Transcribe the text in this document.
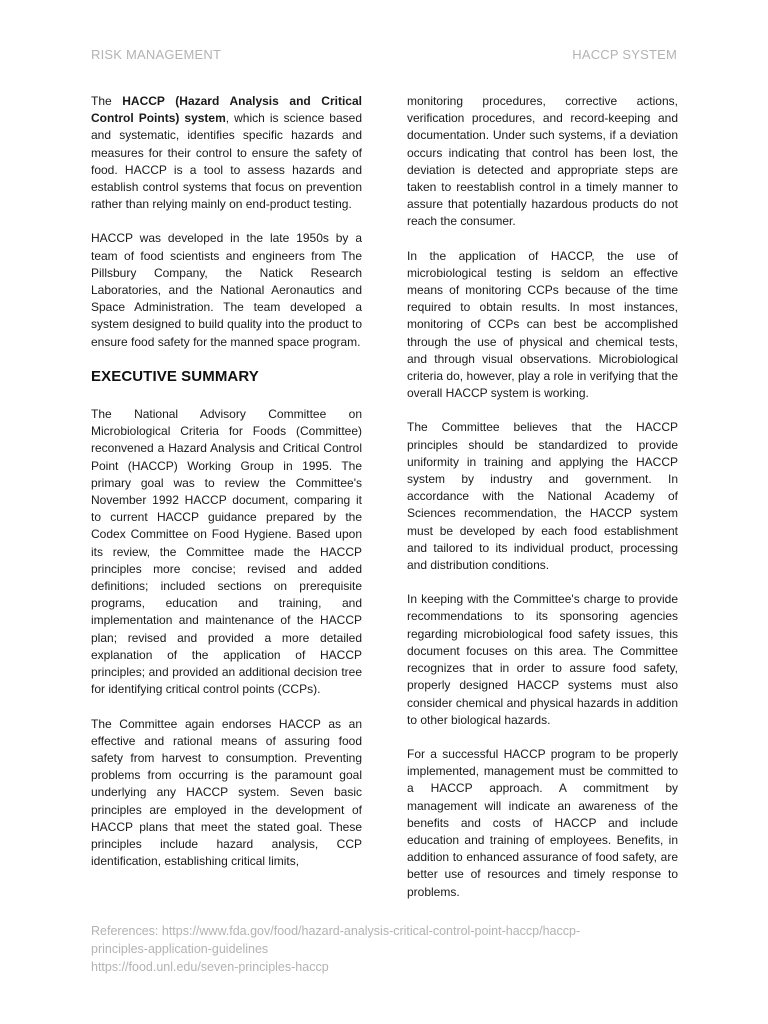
RISK MANAGEMENT	HACCP SYSTEM

The HACCP (Hazard Analysis and Critical Control Points) system, which is science based and systematic, identifies specific hazards and measures for their control to ensure the safety of food. HACCP is a tool to assess hazards and establish control systems that focus on prevention rather than relying mainly on end-product testing.

HACCP was developed in the late 1950s by a team of food scientists and engineers from The Pillsbury Company, the Natick Research Laboratories, and the National Aeronautics and Space Administration. The team developed a system designed to build quality into the product to ensure food safety for the manned space program.

EXECUTIVE SUMMARY

The National Advisory Committee on Microbiological Criteria for Foods (Committee) reconvened a Hazard Analysis and Critical Control Point (HACCP) Working Group in 1995. The primary goal was to review the Committee's November 1992 HACCP document, comparing it to current HACCP guidance prepared by the Codex Committee on Food Hygiene. Based upon its review, the Committee made the HACCP principles more concise; revised and added definitions; included sections on prerequisite programs, education and training, and implementation and maintenance of the HACCP plan; revised and provided a more detailed explanation of the application of HACCP principles; and provided an additional decision tree for identifying critical control points (CCPs).

The Committee again endorses HACCP as an effective and rational means of assuring food safety from harvest to consumption. Preventing problems from occurring is the paramount goal underlying any HACCP system. Seven basic principles are employed in the development of HACCP plans that meet the stated goal. These principles include hazard analysis, CCP identification, establishing critical limits,

monitoring procedures, corrective actions, verification procedures, and record-keeping and documentation. Under such systems, if a deviation occurs indicating that control has been lost, the deviation is detected and appropriate steps are taken to reestablish control in a timely manner to assure that potentially hazardous products do not reach the consumer.

In the application of HACCP, the use of microbiological testing is seldom an effective means of monitoring CCPs because of the time required to obtain results. In most instances, monitoring of CCPs can best be accomplished through the use of physical and chemical tests, and through visual observations. Microbiological criteria do, however, play a role in verifying that the overall HACCP system is working.

The Committee believes that the HACCP principles should be standardized to provide uniformity in training and applying the HACCP system by industry and government. In accordance with the National Academy of Sciences recommendation, the HACCP system must be developed by each food establishment and tailored to its individual product, processing and distribution conditions.

In keeping with the Committee's charge to provide recommendations to its sponsoring agencies regarding microbiological food safety issues, this document focuses on this area. The Committee recognizes that in order to assure food safety, properly designed HACCP systems must also consider chemical and physical hazards in addition to other biological hazards.

For a successful HACCP program to be properly implemented, management must be committed to a HACCP approach. A commitment by management will indicate an awareness of the benefits and costs of HACCP and include education and training of employees. Benefits, in addition to enhanced assurance of food safety, are better use of resources and timely response to problems.

References: https://www.fda.gov/food/hazard-analysis-critical-control-point-haccp/haccp-
principles-application-guidelines
https://food.unl.edu/seven-principles-haccp
